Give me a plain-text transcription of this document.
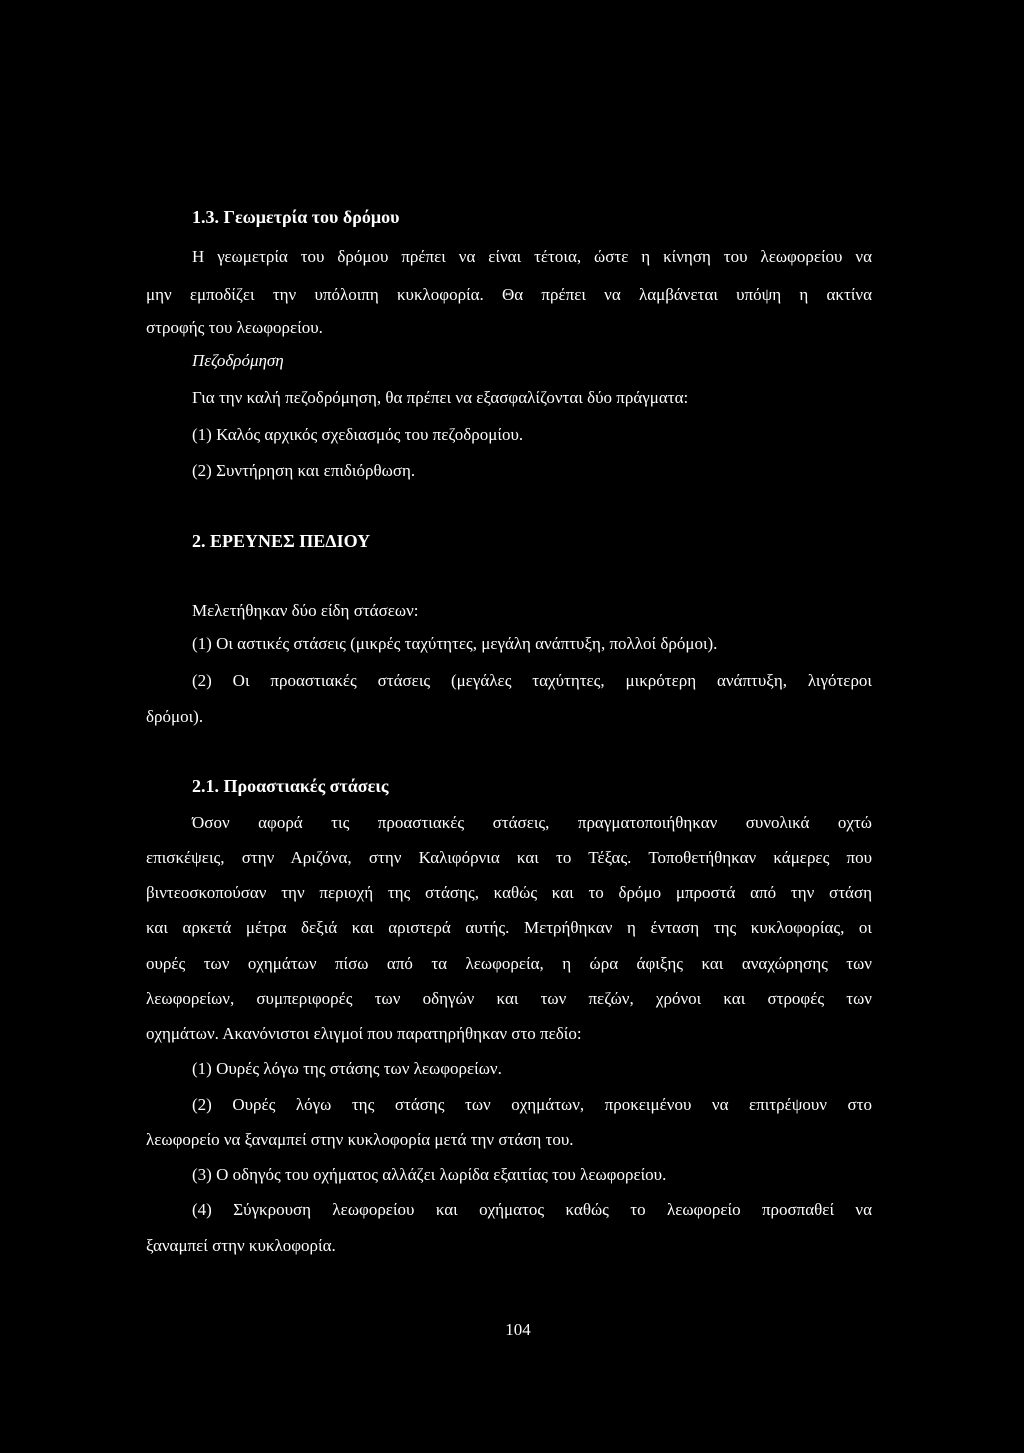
1.3. Γεωμετρία του δρόμου
Η γεωμετρία του δρόμου πρέπει να είναι τέτοια, ώστε η κίνηση του λεωφορείου να
μην εμποδίζει την υπόλοιπη κυκλοφορία. Θα πρέπει να λαμβάνεται υπόψη η ακτίνα
στροφής του λεωφορείου.
Πεζοδρόμηση
Για την καλή πεζοδρόμηση, θα πρέπει να εξασφαλίζονται δύο πράγματα:
(1) Καλός αρχικός σχεδιασμός του πεζοδρομίου.
(2) Συντήρηση και επιδιόρθωση.
2. ΕΡΕΥΝΕΣ ΠΕΔΙΟΥ
Μελετήθηκαν δύο είδη στάσεων:
(1) Οι αστικές στάσεις (μικρές ταχύτητες, μεγάλη ανάπτυξη, πολλοί δρόμοι).
(2) Οι προαστιακές στάσεις (μεγάλες ταχύτητες, μικρότερη ανάπτυξη, λιγότεροι
δρόμοι).
2.1. Προαστιακές στάσεις
Όσον αφορά τις προαστιακές στάσεις, πραγματοποιήθηκαν συνολικά οχτώ
επισκέψεις, στην Αριζόνα, στην Καλιφόρνια και το Τέξας. Τοποθετήθηκαν κάμερες που
βιντεοσκοπούσαν την περιοχή της στάσης, καθώς και το δρόμο μπροστά από την στάση
και αρκετά μέτρα δεξιά και αριστερά αυτής. Μετρήθηκαν η ένταση της κυκλοφορίας, οι
ουρές των οχημάτων πίσω από τα λεωφορεία, η ώρα άφιξης και αναχώρησης των
λεωφορείων, συμπεριφορές των οδηγών και των πεζών, χρόνοι και στροφές των
οχημάτων. Ακανόνιστοι ελιγμοί που παρατηρήθηκαν στο πεδίο:
(1) Ουρές λόγω της στάσης των λεωφορείων.
(2) Ουρές λόγω της στάσης των οχημάτων, προκειμένου να επιτρέψουν στο
λεωφορείο να ξαναμπεί στην κυκλοφορία μετά την στάση του.
(3) Ο οδηγός του οχήματος αλλάζει λωρίδα εξαιτίας του λεωφορείου.
(4) Σύγκρουση λεωφορείου και οχήματος καθώς το λεωφορείο προσπαθεί να
ξαναμπεί στην κυκλοφορία.
104
